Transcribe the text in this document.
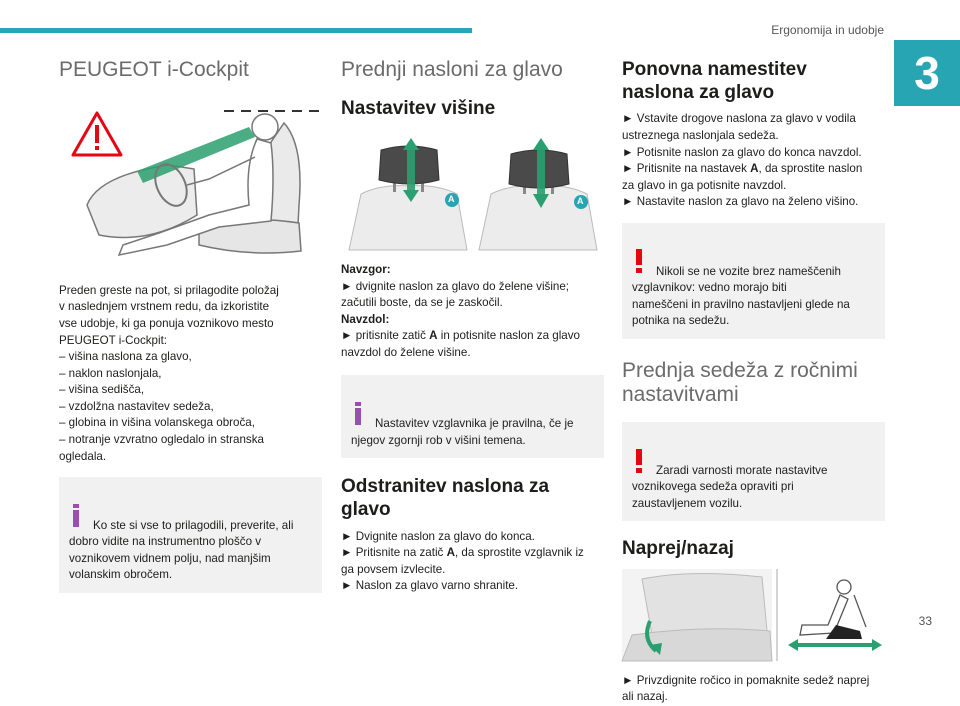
Ergonomija in udobje
3
PEUGEOT i-Cockpit

Preden greste na pot, si prilagodite položaj
v naslednjem vrstnem redu, da izkoristite
vse udobje, ki ga ponuja voznikovo mesto
PEUGEOT i-Cockpit:
– višina naslona za glavo,
– naklon naslonjala,
– višina sedišča,
– vzdolžna nastavitev sedeža,
– globina in višina volanskega obroča,
– notranje vzvratno ogledalo in stranska
ogledala.

Ko ste si vse to prilagodili, preverite, ali
dobro vidite na instrumentno ploščo v
voznikovem vidnem polju, nad manjšim
volanskim obročem.

Prednji nasloni za glavo
Nastavitev višine
A	A
Navzgor:
► dvignite naslon za glavo do želene višine;
začutili boste, da se je zaskočil.
Navzdol:
► pritisnite zatič A in potisnite naslon za glavo
navzdol do želene višine.

Nastavitev vzglavnika je pravilna, če je
njegov zgornji rob v višini temena.

Odstranitev naslona za
glavo
► Dvignite naslon za glavo do konca.
► Pritisnite na zatič A, da sprostite vzglavnik iz
ga povsem izvlecite.
► Naslon za glavo varno shranite.
Ponovna namestitev
naslona za glavo
► Vstavite drogove naslona za glavo v vodila
ustreznega naslonjala sedeža.
► Potisnite naslon za glavo do konca navzdol.
► Pritisnite na nastavek A, da sprostite naslon
za glavo in ga potisnite navzdol.
► Nastavite naslon za glavo na želeno višino.

Nikoli se ne vozite brez nameščenih
vzglavnikov: vedno morajo biti
nameščeni in pravilno nastavljeni glede na
potnika na sedežu.

Prednja sedeža z ročnimi
nastavitvami

Zaradi varnosti morate nastavitve
voznikovega sedeža opraviti pri
zaustavljenem vozilu.

Naprej/nazaj

► Privzdignite ročico in pomaknite sedež naprej
ali nazaj.

33
